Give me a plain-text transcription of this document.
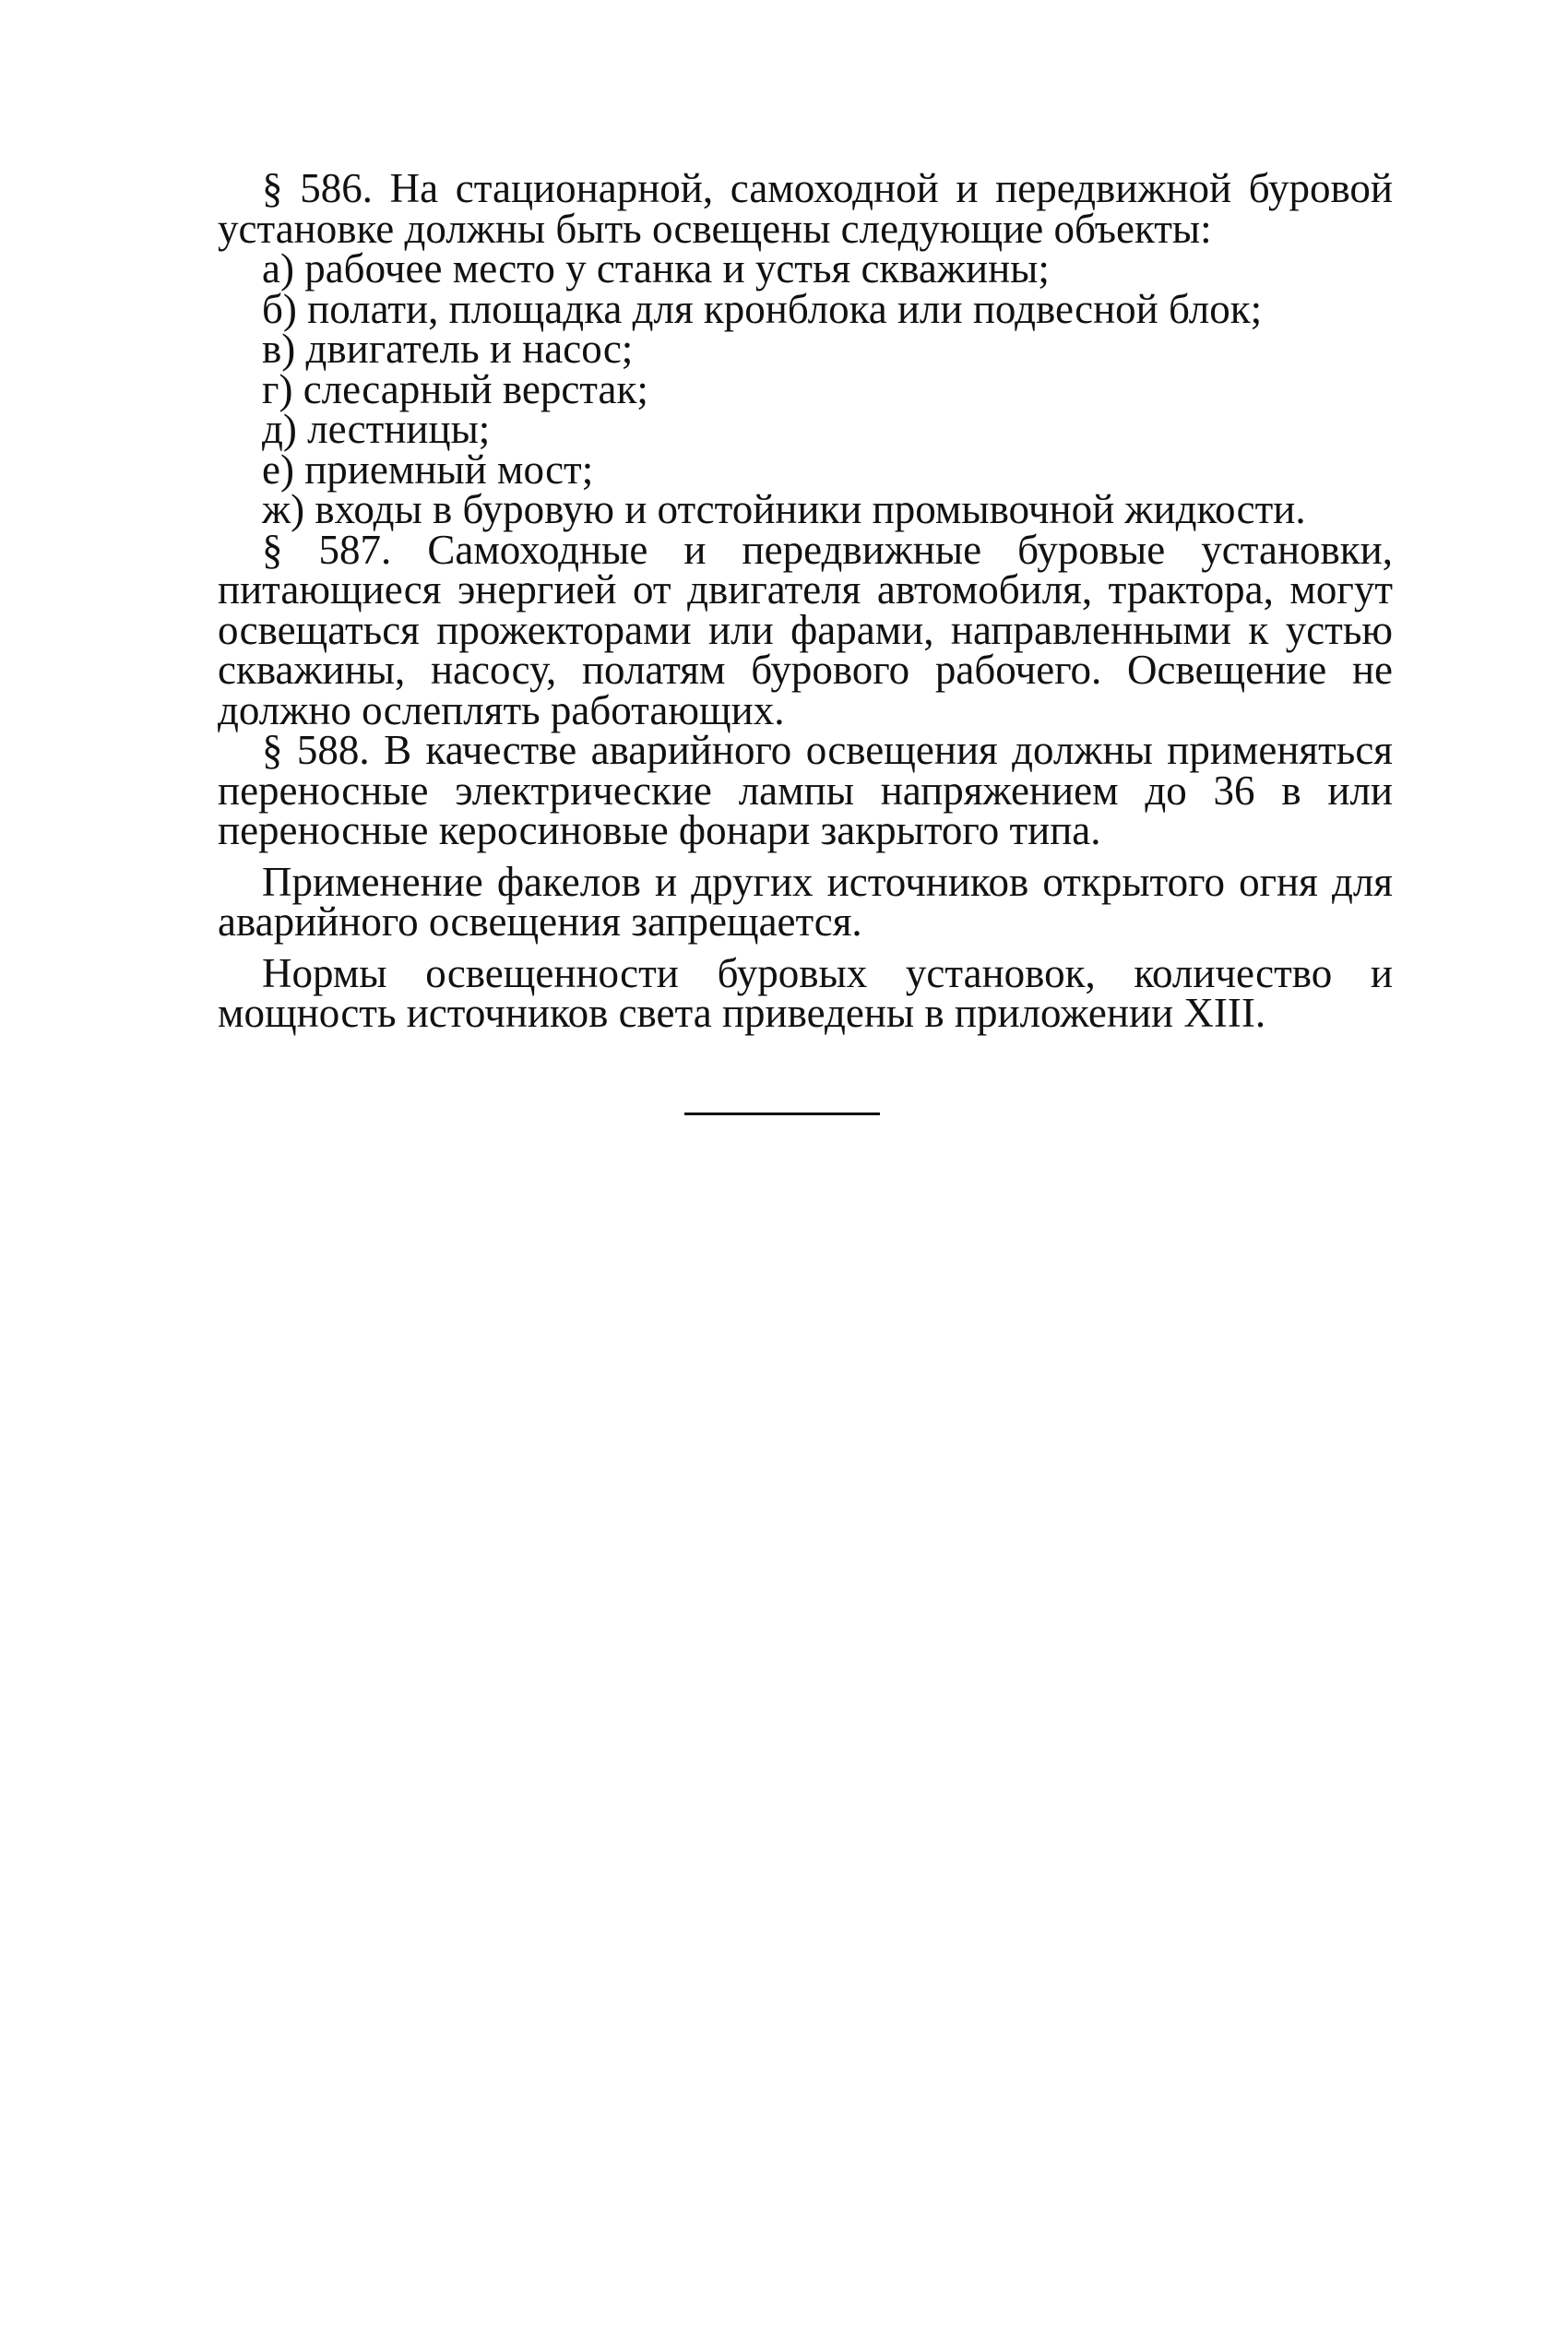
§ 586. На стационарной, самоходной и передвижной буровой установке должны быть освещены следующие объекты:

а) рабочее место у станка и устья скважины;

б) полати, площадка для кронблока или подвесной блок;

в) двигатель и насос;

г) слесарный верстак;

д) лестницы;

е) приемный мост;

ж) входы в буровую и отстойники промывочной жидкости.

§ 587. Самоходные и передвижные буровые установки, питающиеся энергией от двигателя автомобиля, трактора, могут освещаться прожекторами или фарами, направленными к устью скважины, насосу, полатям бурового рабочего. Освещение не должно ослеплять работающих.

§ 588. В качестве аварийного освещения должны применяться переносные электрические лампы напряжением до 36 в или переносные керосиновые фонари закрытого типа.

Применение факелов и других источников открытого огня для аварийного освещения запрещается.

Нормы освещенности буровых установок, количество и мощность источников света приведены в приложении XIII.
